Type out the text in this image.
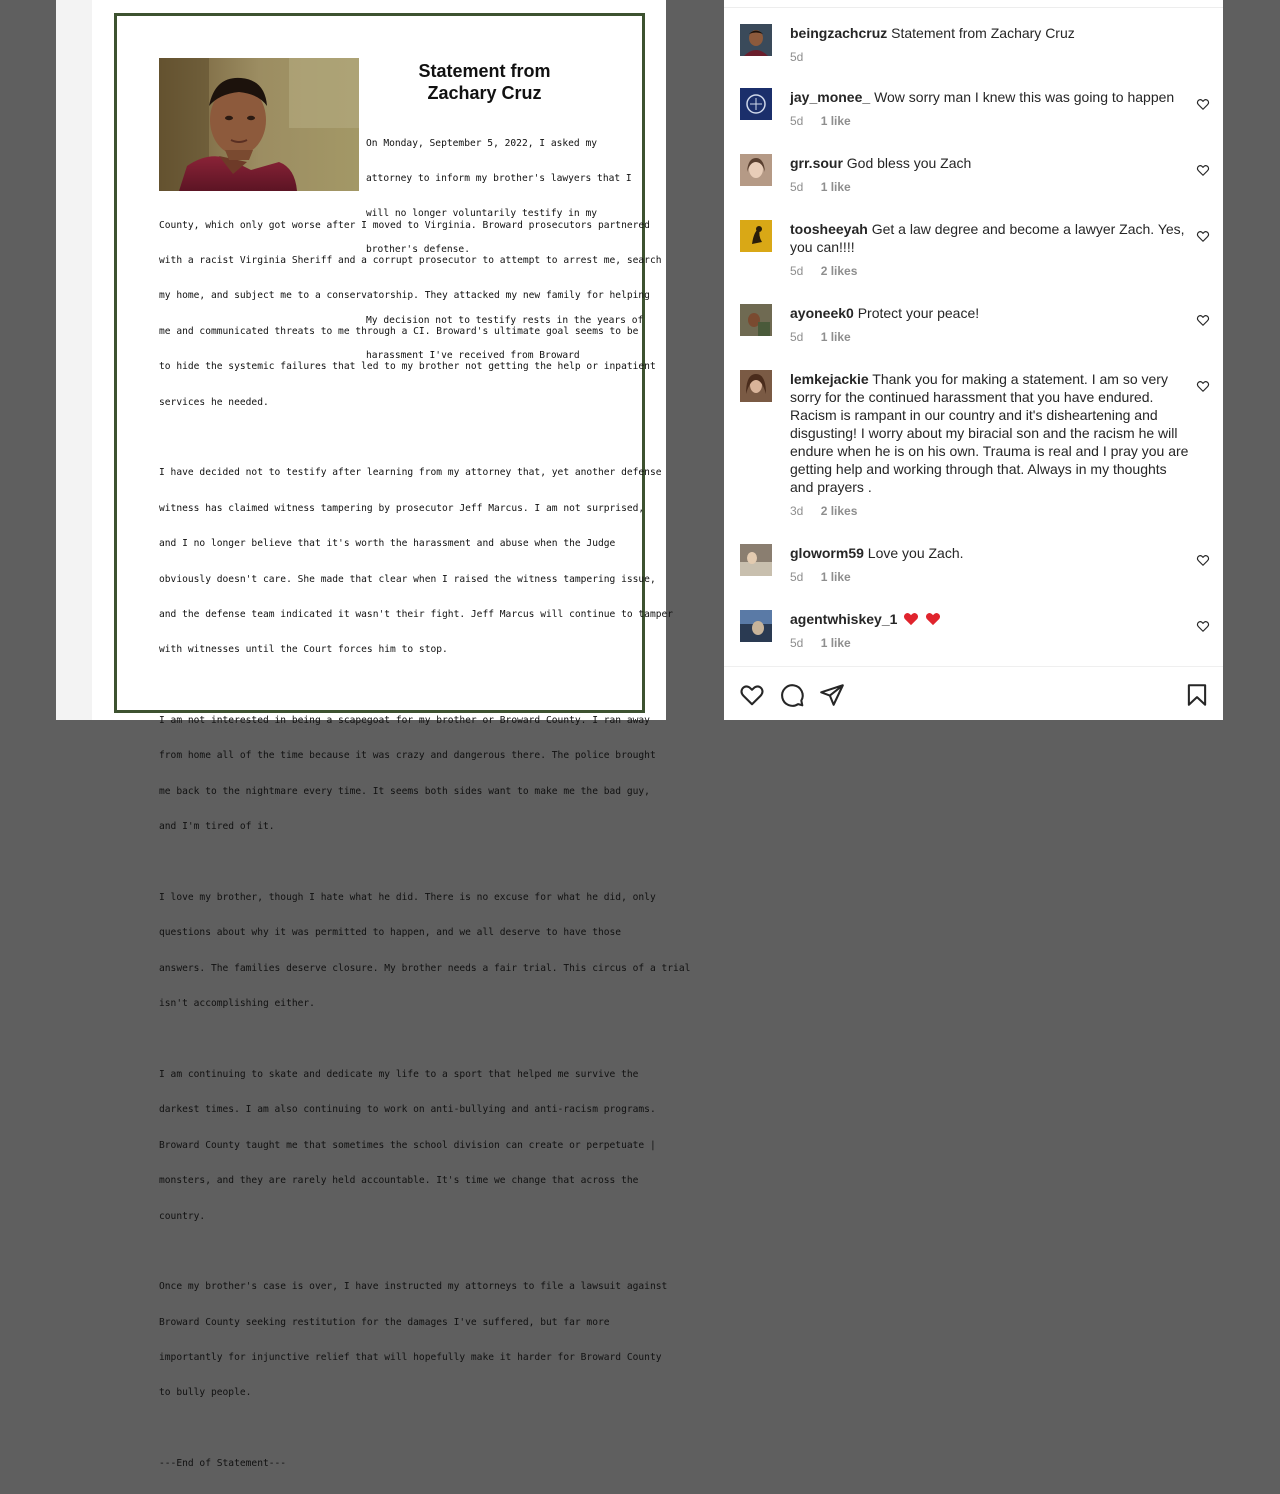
Statement from
Zachary Cruz

On Monday, September 5, 2022, I asked my

attorney to inform my brother's lawyers that I

will no longer voluntarily testify in my

brother's defense.

My decision not to testify rests in the years of

harassment I've received from Broward

County, which only got worse after I moved to Virginia. Broward prosecutors partnered

with a racist Virginia Sheriff and a corrupt prosecutor to attempt to arrest me, search

my home, and subject me to a conservatorship. They attacked my new family for helping

me and communicated threats to me through a CI. Broward's ultimate goal seems to be

to hide the systemic failures that led to my brother not getting the help or inpatient

services he needed.

I have decided not to testify after learning from my attorney that, yet another defense

witness has claimed witness tampering by prosecutor Jeff Marcus. I am not surprised,

and I no longer believe that it's worth the harassment and abuse when the Judge

obviously doesn't care. She made that clear when I raised the witness tampering issue,

and the defense team indicated it wasn't their fight. Jeff Marcus will continue to tamper

with witnesses until the Court forces him to stop.

I am not interested in being a scapegoat for my brother or Broward County. I ran away

from home all of the time because it was crazy and dangerous there. The police brought

me back to the nightmare every time. It seems both sides want to make me the bad guy,

and I'm tired of it.

I love my brother, though I hate what he did. There is no excuse for what he did, only

questions about why it was permitted to happen, and we all deserve to have those

answers. The families deserve closure. My brother needs a fair trial. This circus of a trial

isn't accomplishing either.

I am continuing to skate and dedicate my life to a sport that helped me survive the

darkest times. I am also continuing to work on anti-bullying and anti-racism programs.

Broward County taught me that sometimes the school division can create or perpetuate |

monsters, and they are rarely held accountable. It's time we change that across the

country.

Once my brother's case is over, I have instructed my attorneys to file a lawsuit against

Broward County seeking restitution for the damages I've suffered, but far more

importantly for injunctive relief that will hopefully make it harder for Broward County

to bully people.

---End of Statement---

beingzachcruz Statement from Zachary Cruz
5d
jay_monee_ Wow sorry man I knew this was going to happen
5d 1 like
grr.sour God bless you Zach
5d 1 like
toosheeyah Get a law degree and become a lawyer Zach. Yes, you can!!!!
5d 2 likes
ayoneek0 Protect your peace!
5d 1 like
lemkejackie Thank you for making a statement. I am so very sorry for the continued harassment that you have endured. Racism is rampant in our country and it's disheartening and disgusting! I worry about my biracial son and the racism he will endure when he is on his own. Trauma is real and I pray you are getting help and working through that. Always in my thoughts and prayers .
3d 2 likes
gloworm59 Love you Zach.
5d 1 like
agentwhiskey_1
5d 1 like
